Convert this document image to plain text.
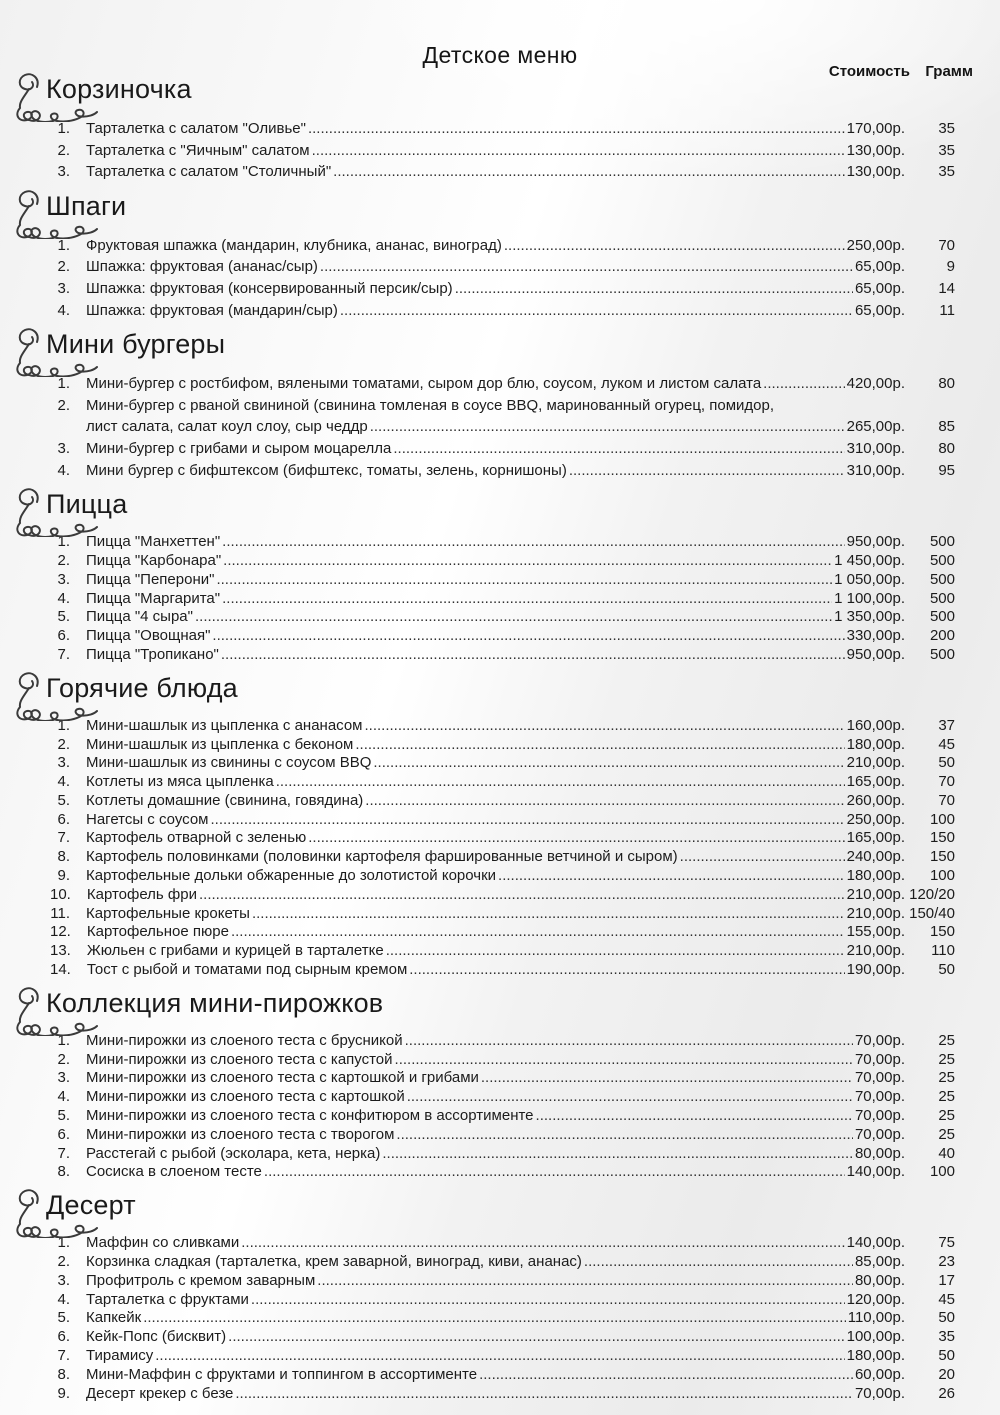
Детское меню
Стоимость Грамм
Корзиночка
1. Тарталетка с салатом "Оливье" .....	170,00р.	35
2. Тарталетка с "Яичным" салатом .....	130,00р.	35
3. Тарталетка с салатом "Столичный" .....	130,00р.	35
Шпаги
1. Фруктовая шпажка (мандарин, клубника, ананас, виноград) .....	250,00р.	70
2. Шпажка: фруктовая (ананас/сыр) .....	65,00р.	9
3. Шпажка: фруктовая (консервированный персик/сыр) .....	65,00р.	14
4. Шпажка: фруктовая (мандарин/сыр) .....	65,00р.	11
Мини бургеры
1. Мини-бургер с ростбифом, вялеными томатами, сыром дор блю, соусом, луком и листом салата .....	420,00р.	80
2. Мини-бургер с рваной свининой (свинина томленая в соусе BBQ, маринованный огурец, помидор,
лист салата, салат коул слоу, сыр чеддр .....	265,00р.	85
3. Мини-бургер с грибами и сыром моцарелла .....	310,00р.	80
4. Мини бургер с бифштексом (бифштекс, томаты, зелень, корнишоны) .....	310,00р.	95
Пицца
1. Пицца "Манхеттен" .....	950,00р.	500
2. Пицца "Карбонара" .....	1 450,00р.	500
3. Пицца "Пеперони" .....	1 050,00р.	500
4. Пицца "Маргарита" .....	1 100,00р.	500
5. Пицца "4 сыра" .....	1 350,00р.	500
6. Пицца "Овощная" .....	330,00р.	200
7. Пицца "Тропикано" .....	950,00р.	500
Горячие блюда
1. Мини-шашлык из цыпленка с ананасом .....	160,00р.	37
2. Мини-шашлык из цыпленка с беконом .....	180,00р.	45
3. Мини-шашлык из свинины с соусом BBQ .....	210,00р.	50
4. Котлеты из мяса цыпленка .....	165,00р.	70
5. Котлеты домашние (свинина, говядина) .....	260,00р.	70
6. Нагетсы с соусом .....	250,00р.	100
7. Картофель отварной с зеленью .....	165,00р.	150
8. Картофель половинками (половинки картофеля фаршированные ветчиной и сыром) .....	240,00р.	150
9. Картофельные дольки обжаренные до золотистой корочки .....	180,00р.	100
10. Картофель фри .....	210,00р. 120/20
11. Картофельные крокеты .....	210,00р. 150/40
12. Картофельное пюре .....	155,00р.	150
13. Жюльен с грибами и курицей в тарталетке .....	210,00р.	110
14. Тост с рыбой и томатами под сырным кремом .....	190,00р.	50
Коллекция мини-пирожков
1. Мини-пирожки из слоеного теста с брусникой .....	70,00р.	25
2. Мини-пирожки из слоеного теста с капустой .....	70,00р.	25
3. Мини-пирожки из слоеного теста с картошкой и грибами .....	70,00р.	25
4. Мини-пирожки из слоеного теста с картошкой .....	70,00р.	25
5. Мини-пирожки из слоеного теста с конфитюром в ассортименте .....	70,00р.	25
6. Мини-пирожки из слоеного теста с творогом .....	70,00р.	25
7. Расстегай с рыбой (эсколара, кета, нерка) .....	80,00р.	40
8. Сосиска в слоеном тесте .....	140,00р.	100
Десерт
1. Маффин со сливками .....	140,00р.	75
2. Корзинка сладкая (тарталетка, крем заварной, виноград, киви, ананас) .....	85,00р.	23
3. Профитроль с кремом заварным .....	80,00р.	17
4. Тарталетка с фруктами .....	120,00р.	45
5. Капкейк .....	110,00р.	50
6. Кейк-Попс (бисквит) .....	100,00р.	35
7. Тирамису .....	180,00р.	50
8. Мини-Маффин с фруктами и топпингом в ассортименте .....	60,00р.	20
9. Десерт крекер с безе .....	70,00р.	26
